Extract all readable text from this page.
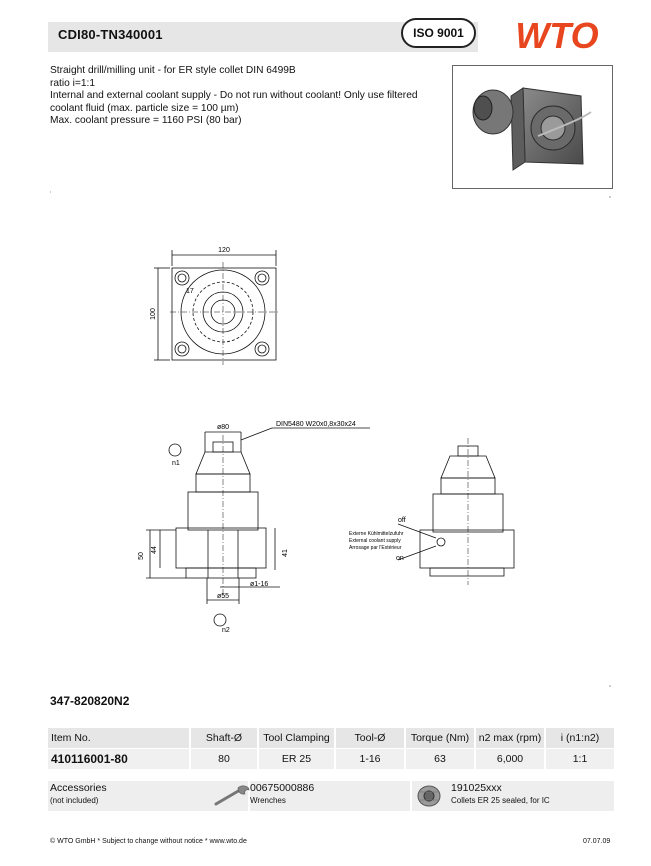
CDI80-TN340001	ISO 9001	WTO
Straight drill/milling unit - for ER style collet DIN 6499B
ratio i=1:1
Internal and external coolant supply - Do not run without coolant! Only use filtered
coolant fluid (max. particle size = 100 µm)
Max. coolant pressure = 1160 PSI (80 bar)
120
100
17
ø80	DIN5480 W20x0,8x30x24
n1
n2
50
44	41
ø1-16
ø55
off
on
Externe Kühlmittelzufuhr
External coolant supply
Arrosage par l'Extérieur
347-820820N2
Item No.	Shaft-Ø	Tool Clamping	Tool-Ø	Torque (Nm) n2 max (rpm)	i (n1:n2)
410116001-80	80	ER 25	1-16	63	6,000	1:1
Accessories
(not included)
00675000886
Wrenches
191025xxx
Collets ER 25 sealed, for IC
© WTO GmbH * Subject to change without notice * www.wto.de	07.07.09
